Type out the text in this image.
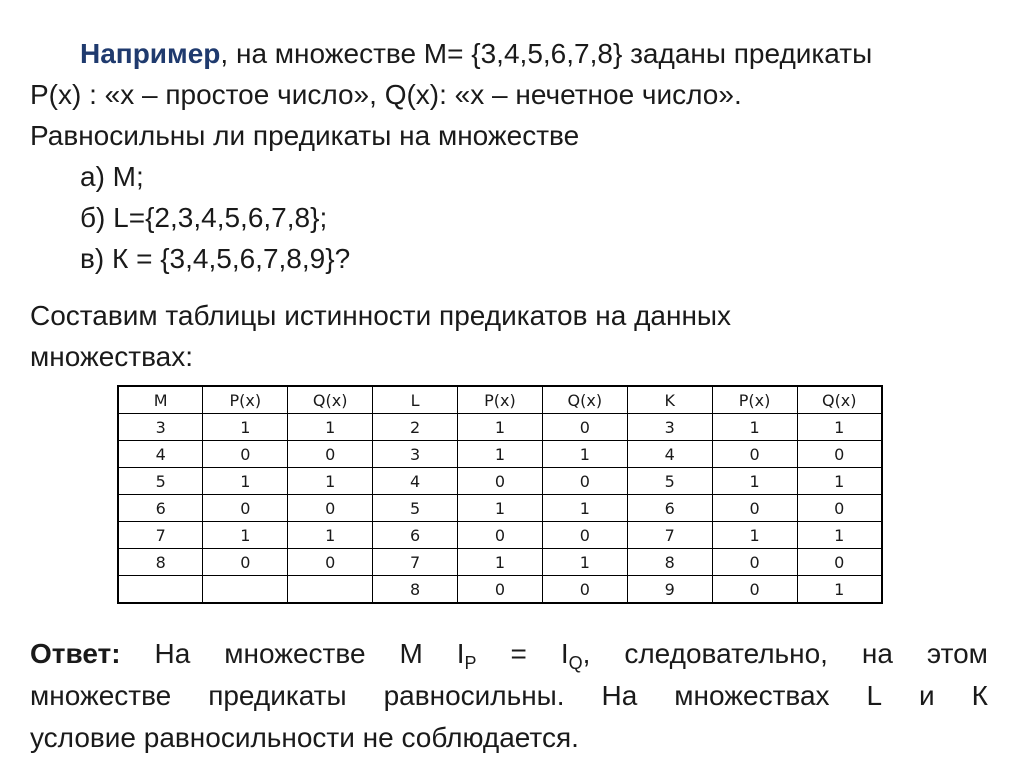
Например, на множестве М= {3,4,5,6,7,8} заданы предикаты
Р(х) : «х – простое число», Q(x): «x – нечетное число».
Равносильны ли предикаты на множестве
а) М;
б) L={2,3,4,5,6,7,8};
в) К = {3,4,5,6,7,8,9}?
Составим таблицы истинности предикатов на данных
множествах:
M	P(x)	Q(x)	L	P(x)	Q(x)	K	P(x)	Q(x)
3	1	1	2	1	0	3	1	1
4	0	0	3	1	1	4	0	0
5	1	1	4	0	0	5	1	1
6	0	0	5	1	1	6	0	0
7	1	1	6	0	0	7	1	1
8	0	0	7	1	1	8	0	0
			8	0	0	9	0	1
Ответ: На множестве М $I_P = I_Q$, следовательно, на этом
множестве предикаты равносильны. На множествах L и К
условие равносильности не соблюдается.
